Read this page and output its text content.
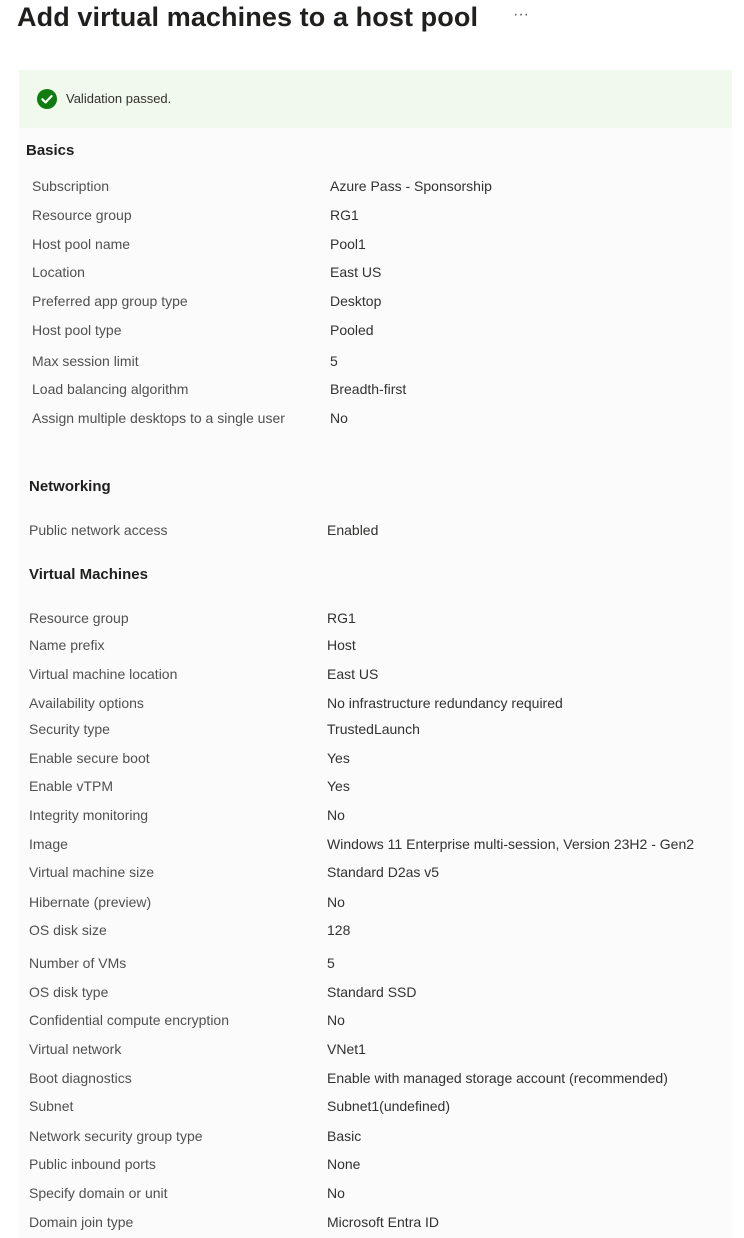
Add virtual machines to a host pool ···
Validation passed.
Basics
Subscription	Azure Pass - Sponsorship
Resource group	RG1
Host pool name	Pool1
Location	East US
Preferred app group type	Desktop
Host pool type	Pooled
Max session limit	5
Load balancing algorithm	Breadth-first
Assign multiple desktops to a single user	No
Networking
Public network access	Enabled
Virtual Machines
Resource group	RG1
Name prefix	Host
Virtual machine location	East US
Availability options	No infrastructure redundancy required
Security type	TrustedLaunch
Enable secure boot	Yes
Enable vTPM	Yes
Integrity monitoring	No
Image	Windows 11 Enterprise multi-session, Version 23H2 - Gen2
Virtual machine size	Standard D2as v5
Hibernate (preview)	No
OS disk size	128
Number of VMs	5
OS disk type	Standard SSD
Confidential compute encryption	No
Virtual network	VNet1
Boot diagnostics	Enable with managed storage account (recommended)
Subnet	Subnet1(undefined)
Network security group type	Basic
Public inbound ports	None
Specify domain or unit	No
Domain join type	Microsoft Entra ID
